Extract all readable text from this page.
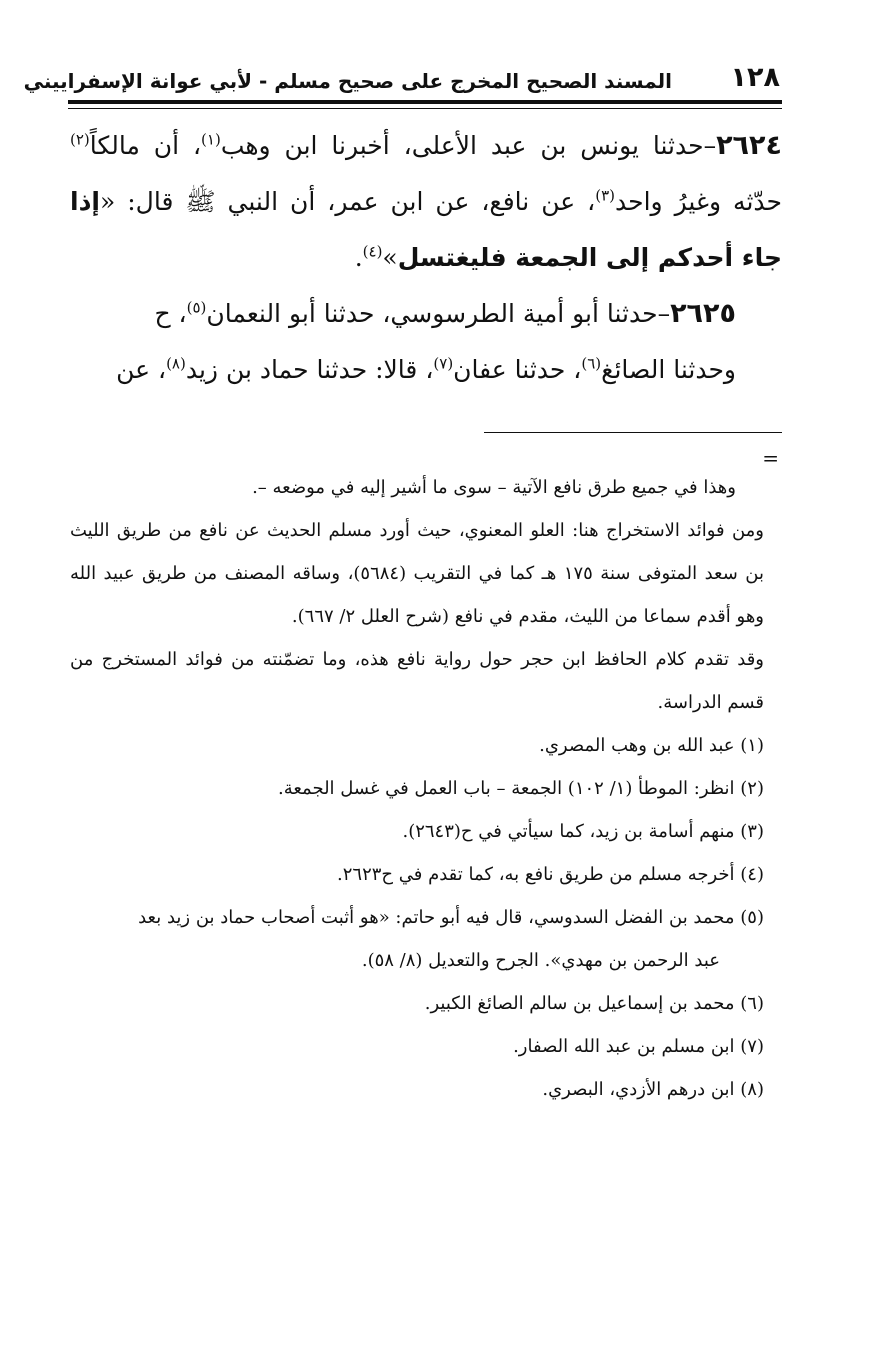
١٢٨
المسند الصحيح المخرج على صحيح مسلم - لأبي عوانة الإسفراييني

٢٦٢٤–حدثنا يونس بن عبد الأعلى، أخبرنا ابن وهب$^{(١)}$، أن مالكاً$^{(٢)}$ حدّثه وغيرُ واحد$^{(٣)}$، عن نافع، عن ابن عمر، أن النبي ﷺ قال: «إذا جاء أحدكم إلى الجمعة فليغتسل»$^{(٤)}$.

٢٦٢٥–حدثنا أبو أمية الطرسوسي، حدثنا أبو النعمان$^{(٥)}$، ح

وحدثنا الصائغ$^{(٦)}$، حدثنا عفان$^{(٧)}$، قالا: حدثنا حماد بن زيد$^{(٨)}$، عن

=

وهذا في جميع طرق نافع الآتية – سوى ما أشير إليه في موضعه –.

ومن فوائد الاستخراج هنا: العلو المعنوي، حيث أورد مسلم الحديث عن نافع من طريق الليث بن سعد المتوفى سنة ١٧٥ هـ كما في التقريب (٥٦٨٤)، وساقه المصنف من طريق عبيد الله وهو أقدم سماعا من الليث، مقدم في نافع (شرح العلل ٢/ ٦٦٧).

وقد تقدم كلام الحافظ ابن حجر حول رواية نافع هذه، وما تضمّنته من فوائد المستخرج من قسم الدراسة.

(١) عبد الله بن وهب المصري.

(٢) انظر: الموطأ (١/ ١٠٢) الجمعة – باب العمل في غسل الجمعة.

(٣) منهم أسامة بن زيد، كما سيأتي في ح(٢٦٤٣).

(٤) أخرجه مسلم من طريق نافع به، كما تقدم في ح٢٦٢٣.

(٥) محمد بن الفضل السدوسي، قال فيه أبو حاتم: «هو أثبت أصحاب حماد بن زيد بعد

عبد الرحمن بن مهدي». الجرح والتعديل (٨/ ٥٨).

(٦) محمد بن إسماعيل بن سالم الصائغ الكبير.

(٧) ابن مسلم بن عبد الله الصفار.

(٨) ابن درهم الأزدي، البصري.
